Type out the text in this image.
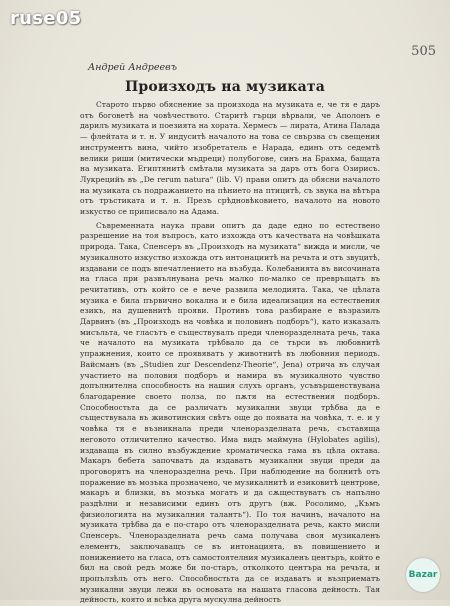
ruse05
505
Андрей Андреевъ
Произходъ на музиката

Старото първо обяснение за произхода на музиката е, че тя е даръ отъ боговетѣ на човѣчеството. Старитѣ гърци вѣрвали, че Аполонъ е дарилъ музиката и поезията на хората. Хермесъ — лирата, Атина Палада — флейтата и т. н. У индуситѣ началото на това се свързва съ свещения инструментъ вина, чийто изобретатель е Нарада, единъ отъ седемтѣ велики риши (митически мъдреци) полубогове, синъ на Брахма, бащата на музиката. Египтянитѣ смѣтали музиката за даръ отъ бога Озирисъ. Лукрецийъ въ „De rerum natura“ (lib. V) прави опитъ да обясни началото на музиката съ подражанието на пѣнието на птицитѣ, съ звука на вѣтъра отъ тръстиката и т. н. Презъ срѣдновѣковието, началото на новото изкуство се приписвало на Адама.

Съвременната наука прави опитъ да даде едно по естествено разрешение на тоя въпросъ, като изхожда отъ качествата на човѣшката природа. Така, Спенсеръ въ „Произходъ на музиката“ вижда и мисли, че музикалното изкуство изхожда отъ интонациитѣ на речьта и отъ звуцитѣ, издавани се подъ впечатлението на възбуда. Колебанията въ височината на гласа при развълнувана речь малко по-малко се превръщатъ въ речитативъ, отъ който се е вече развила мелодията. Така, че цѣлата музика е била първично вокална и е била идеализация на естествения езикъ, на душевнитѣ прояви. Противъ това разбиране е възразилъ Дарвинъ (въ „Произходъ на човѣка и половинъ подборъ“), като изказалъ мисъльта, че гласътъ е съществувалъ преди членоразделната речь, така че началото на музиката трѣбвало да се търси въ любовнитѣ упражнения, които се проявяватъ у животнитѣ въ любовния периодъ. Вайсманъ (въ „Studien zur Descendenz-Theorie“, Jena) отрича въ случая участието на половия подборъ и намира въ музикалното чувство допълнителна способность на нашия слухъ органъ, усъвършенствувана благодарение своето полза, по пѫтя на естествения подборъ. Способностьта да се различатъ музикални звуци трѣбва да е съществувала въ животинския свѣтъ още до появата на човѣка, т. е. и у човѣка тя е възникнала преди членоразделната речь, съставяща неговото отличително качество. Има видъ маймуна (Hylobates agilis), издаваща въ силно възбуждение хроматическа гама въ цѣла октава. Макаръ бебета започватъ да издаватъ музикални звуци преди да проговорятъ на членоразделна речь. При наблюдение на болнитѣ отъ поражение въ мозъка прозначено, че музикалнитѣ и езиковитѣ центрове, макаръ и близки, въ мозъка могатъ и да сѫществуватъ съ напълно раздѣлни и независими единъ отъ другъ (вж. Росолимо, „Къмъ физиологията на музикалния талантъ“). По тоя начинъ, началото на музиката трѣбва да е по-старо отъ членоразделната речь, както мисли Спенсеръ. Членоразделната речь сама получава своя музикаленъ елементъ, заключаващъ се въ интонацията, въ повишението и понижението на гласа, отъ самостоятелния музикаленъ центъръ, който е бил на свой редъ може би по-старъ, отколкото центъра на речьта, и пропълзѣлъ отъ него. Способностьта да се издаватъ и възприематъ музикални звуци лежи въ основата на нашата гласова дейность. Тая дейность, която и всѣка друга мускулна дейность

Bazar
